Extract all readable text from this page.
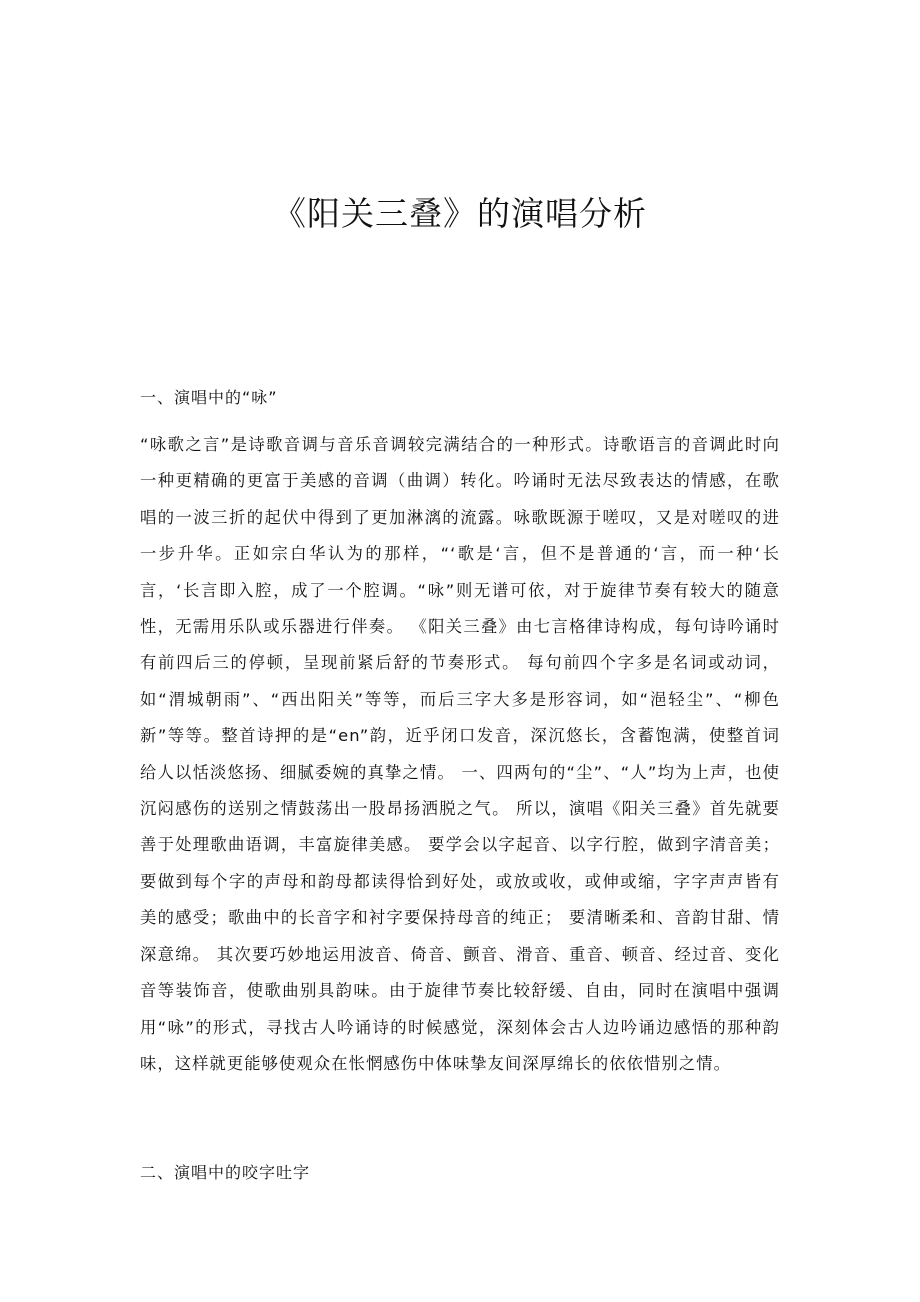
《阳关三叠》的演唱分析
一、演唱中的“咏”

“咏歌之言”是诗歌音调与音乐音调较完满结合的一种形式。诗歌语言的音调此时向一种更精确的更富于美感的音调（曲调）转化。吟诵时无法尽致表达的情感，在歌唱的一波三折的起伏中得到了更加淋漓的流露。咏歌既源于嗟叹，又是对嗟叹的进一步升华。正如宗白华认为的那样，“‘歌是‘言，但不是普通的‘言，而一种‘长言，‘长言即入腔，成了一个腔调。“咏”则无谱可依，对于旋律节奏有较大的随意性，无需用乐队或乐器进行伴奏。 《阳关三叠》由七言格律诗构成，每句诗吟诵时有前四后三的停顿，呈现前紧后舒的节奏形式。 每句前四个字多是名词或动词，如“渭城朝雨”、“西出阳关”等等，而后三字大多是形容词，如“浥轻尘”、“柳色新”等等。整首诗押的是“en”韵，近乎闭口发音，深沉悠长，含蓄饱满，使整首词给人以恬淡悠扬、细腻委婉的真挚之情。 一、四两句的“尘”、“人”均为上声，也使沉闷感伤的送别之情鼓荡出一股昂扬洒脱之气。 所以，演唱《阳关三叠》首先就要善于处理歌曲语调，丰富旋律美感。 要学会以字起音、以字行腔，做到字清音美；要做到每个字的声母和韵母都读得恰到好处，或放或收，或伸或缩，字字声声皆有美的感受；歌曲中的长音字和衬字要保持母音的纯正； 要清晰柔和、音韵甘甜、情深意绵。 其次要巧妙地运用波音、倚音、颤音、滑音、重音、顿音、经过音、变化音等装饰音，使歌曲别具韵味。由于旋律节奏比较舒缓、自由，同时在演唱中强调用“咏”的形式，寻找古人吟诵诗的时候感觉，深刻体会古人边吟诵边感悟的那种韵味，这样就更能够使观众在怅惘感伤中体味挚友间深厚绵长的依依惜别之情。

二、演唱中的咬字吐字
